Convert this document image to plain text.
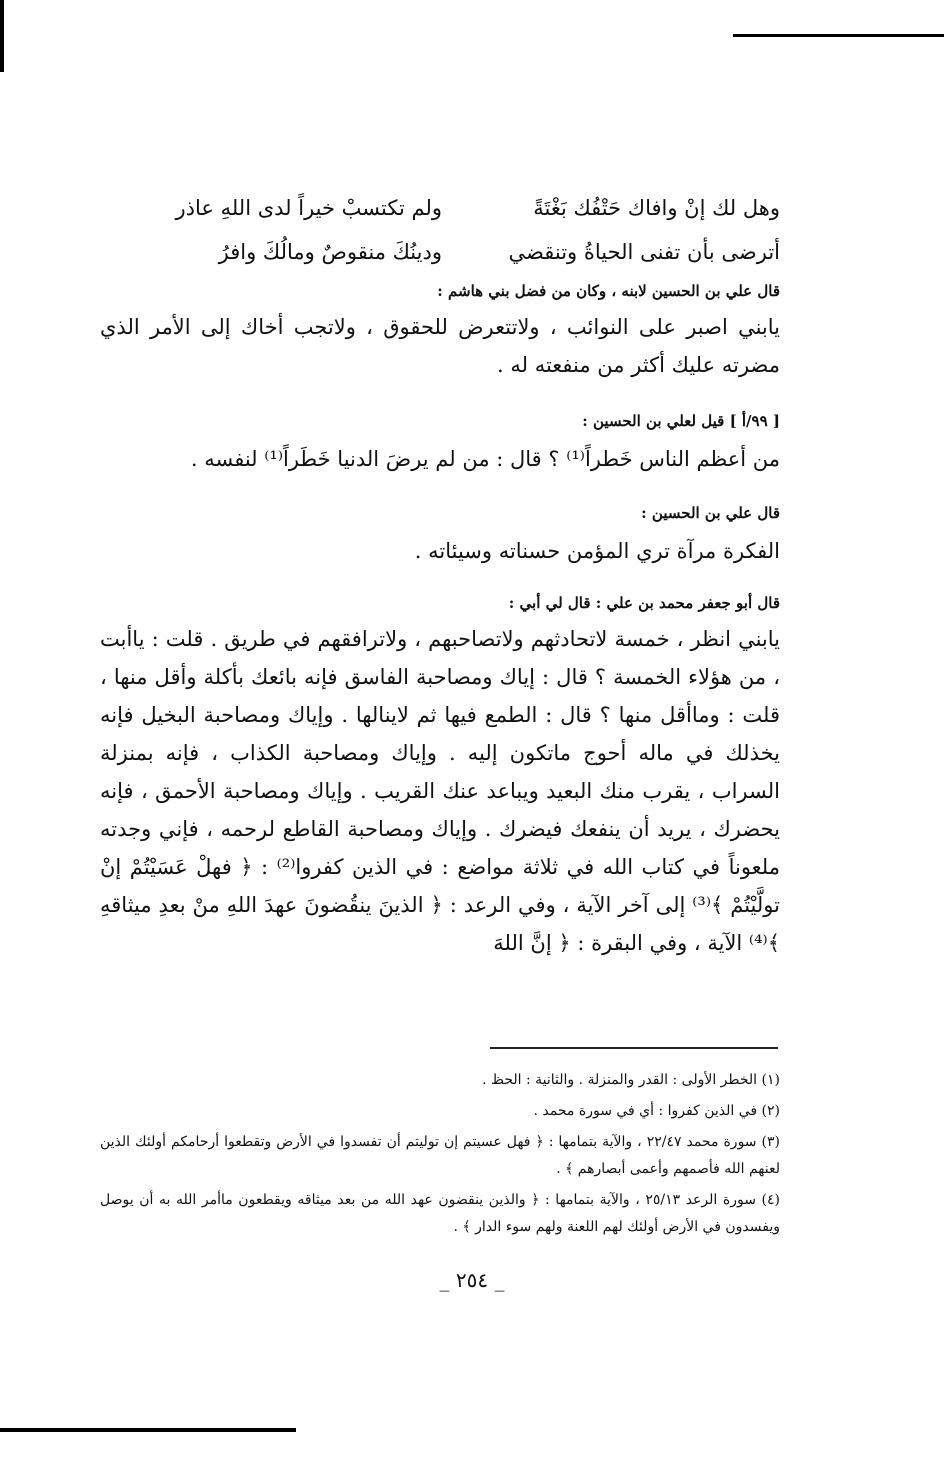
وهل لك إنْ وافاك حَتْفُك بَغْتَةً
ولم تكتسبْ خيراً لدى اللهِ عاذر
أترضى بأن تفنى الحياةُ وتنقضي
ودينُكَ منقوصٌ ومالُكَ وافرُ

قال علي بن الحسين لابنه ، وكان من فضل بني هاشم :

يابني اصبر على النوائب ، ولاتتعرض للحقوق ، ولاتجب أخاك إلى الأمر الذي مضرته عليك أكثر من منفعته له .

[ ٩٩/أ ] قيل لعلي بن الحسين :

من أعظم الناس خَطراً⁽¹⁾ ؟ قال : من لم يرضَ الدنيا خَطَراً⁽¹⁾ لنفسه .

قال علي بن الحسين :

الفكرة مرآة تري المؤمن حسناته وسيئاته .

قال أبو جعفر محمد بن علي : قال لي أبي :

يابني انظر ، خمسة لاتحادثهم ولاتصاحبهم ، ولاترافقهم في طريق . قلت : ياأبت ، من هؤلاء الخمسة ؟ قال : إياك ومصاحبة الفاسق فإنه بائعك بأكلة وأقل منها ، قلت : وماأقل منها ؟ قال : الطمع فيها ثم لاينالها . وإياك ومصاحبة البخيل فإنه يخذلك في ماله أحوج ماتكون إليه . وإياك ومصاحبة الكذاب ، فإنه بمنزلة السراب ، يقرب منك البعيد ويباعد عنك القريب . وإياك ومصاحبة الأحمق ، فإنه يحضرك ، يريد أن ينفعك فيضرك . وإياك ومصاحبة القاطع لرحمه ، فإني وجدته ملعوناً في كتاب الله في ثلاثة مواضع : في الذين كفروا⁽²⁾ : ﴿ فهلْ عَسَيْتُمْ إنْ تولَّيْتُمْ ﴾⁽³⁾ إلى آخر الآية ، وفي الرعد : ﴿ الذينَ ينقُضونَ عهدَ اللهِ منْ بعدِ ميثاقهِ ﴾⁽⁴⁾ الآية ، وفي البقرة : ﴿ إنَّ اللهَ

(١) الخطر الأولى : القدر والمنزلة . والثانية : الحظ .

(٢) في الذين كفروا : أي في سورة محمد .

(٣) سورة محمد ٢٢/٤٧ ، والآية بتمامها : ﴿ فهل عسيتم إن توليتم أن تفسدوا في الأرض وتقطعوا أرحامكم أولئك الذين لعنهم الله فأصمهم وأعمى أبصارهم ﴾ .

(٤) سورة الرعد ٢٥/١٣ ، والآية بتمامها : ﴿ والذين ينقضون عهد الله من بعد ميثاقه ويقطعون ماأمر الله به أن يوصل ويفسدون في الأرض أولئك لهم اللعنة ولهم سوء الدار ﴾ .

_ ٢٥٤ _
